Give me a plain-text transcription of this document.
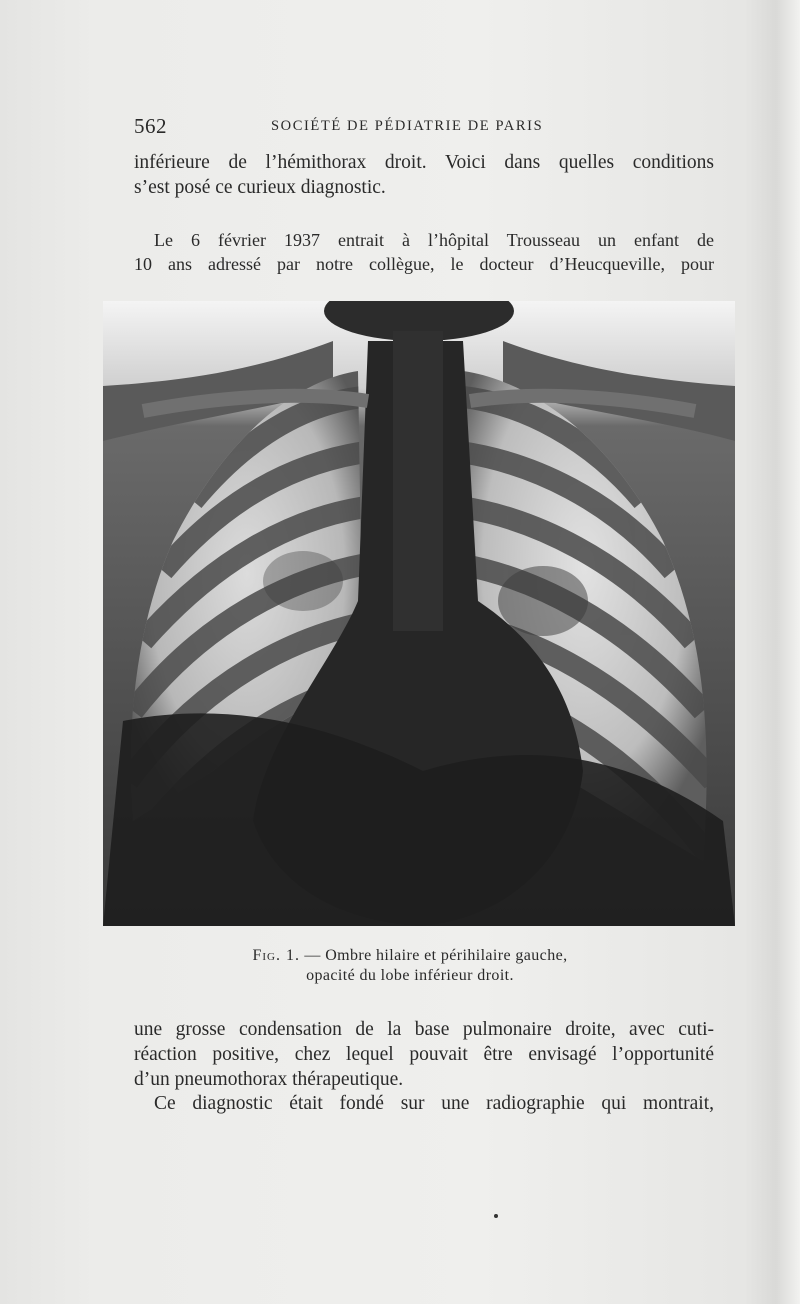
562	SOCIÉTÉ DE PÉDIATRIE DE PARIS
inférieure de l’hémithorax droit. Voici dans quelles conditions
s’est posé ce curieux diagnostic.
Le 6 février 1937 entrait à l’hôpital Trousseau un enfant de
10 ans adressé par notre collègue, le docteur d’Heucqueville, pour
Fig. 1. — Ombre hilaire et périhilaire gauche,
opacité du lobe inférieur droit.
une grosse condensation de la base pulmonaire droite, avec cuti-
réaction positive, chez lequel pouvait être envisagé l’opportunité
d’un pneumothorax thérapeutique.
Ce diagnostic était fondé sur une radiographie qui montrait,
